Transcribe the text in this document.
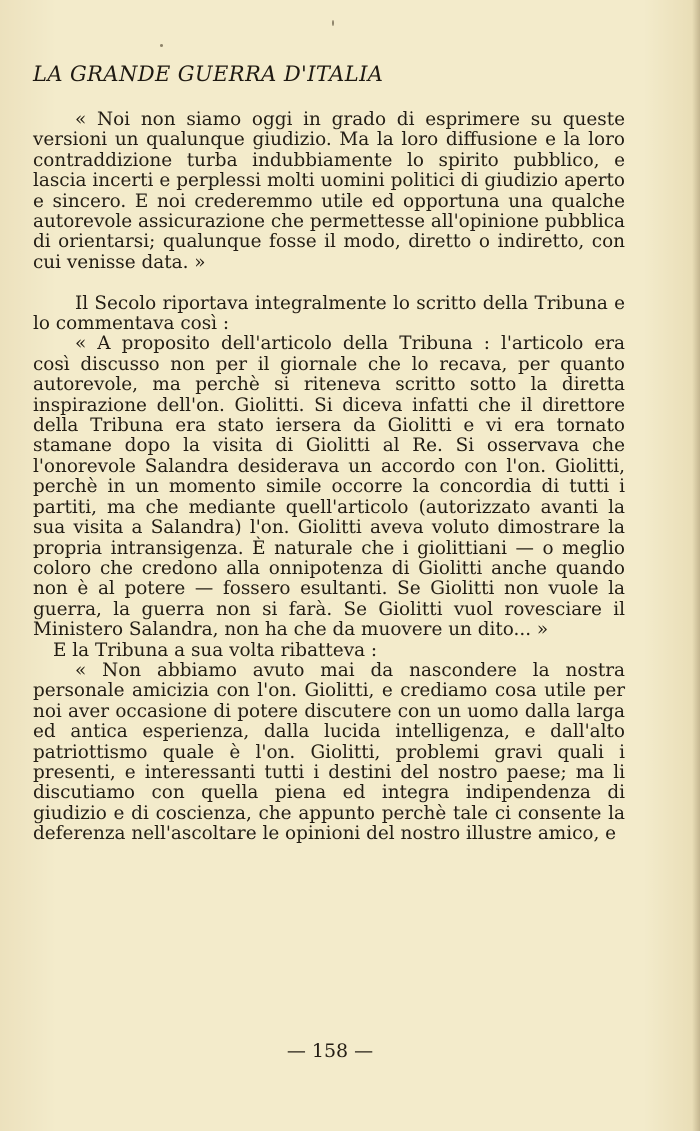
LA GRANDE GUERRA D'ITALIA

« Noi non siamo oggi in grado di esprimere su queste versioni un qualunque giudizio. Ma la loro diffusione e la loro contraddizione turba indubbiamente lo spirito pubblico, e lascia incerti e perplessi molti uomini politici di giudizio aperto e sincero. E noi crederemmo utile ed opportuna una qualche autorevole assicurazione che permettesse all'opinione pubblica di orientarsi; qualunque fosse il modo, diretto o indiretto, con cui venisse data. »

Il Secolo riportava integralmente lo scritto della Tribuna e lo commentava così :

« A proposito dell'articolo della Tribuna : l'articolo era così discusso non per il giornale che lo recava, per quanto autorevole, ma perchè si riteneva scritto sotto la diretta inspirazione dell'on. Giolitti. Si diceva infatti che il direttore della Tribuna era stato iersera da Giolitti e vi era tornato stamane dopo la visita di Giolitti al Re. Si osservava che l'onorevole Salandra desiderava un accordo con l'on. Giolitti, perchè in un momento simile occorre la concordia di tutti i partiti, ma che mediante quell'articolo (autorizzato avanti la sua visita a Salandra) l'on. Giolitti aveva voluto dimostrare la propria intransigenza. È naturale che i giolittiani — o meglio coloro che credono alla onnipotenza di Giolitti anche quando non è al potere — fossero esultanti. Se Giolitti non vuole la guerra, la guerra non si farà. Se Giolitti vuol rovesciare il Ministero Salandra, non ha che da muovere un dito... »

E la Tribuna a sua volta ribatteva :

« Non abbiamo avuto mai da nascondere la nostra personale amicizia con l'on. Giolitti, e crediamo cosa utile per noi aver occasione di potere discutere con un uomo dalla larga ed antica esperienza, dalla lucida intelligenza, e dall'alto patriottismo quale è l'on. Giolitti, problemi gravi quali i presenti, e interessanti tutti i destini del nostro paese; ma li discutiamo con quella piena ed integra indipendenza di giudizio e di coscienza, che appunto perchè tale ci consente la deferenza nell'ascoltare le opinioni del nostro illustre amico, e

— 158 —
